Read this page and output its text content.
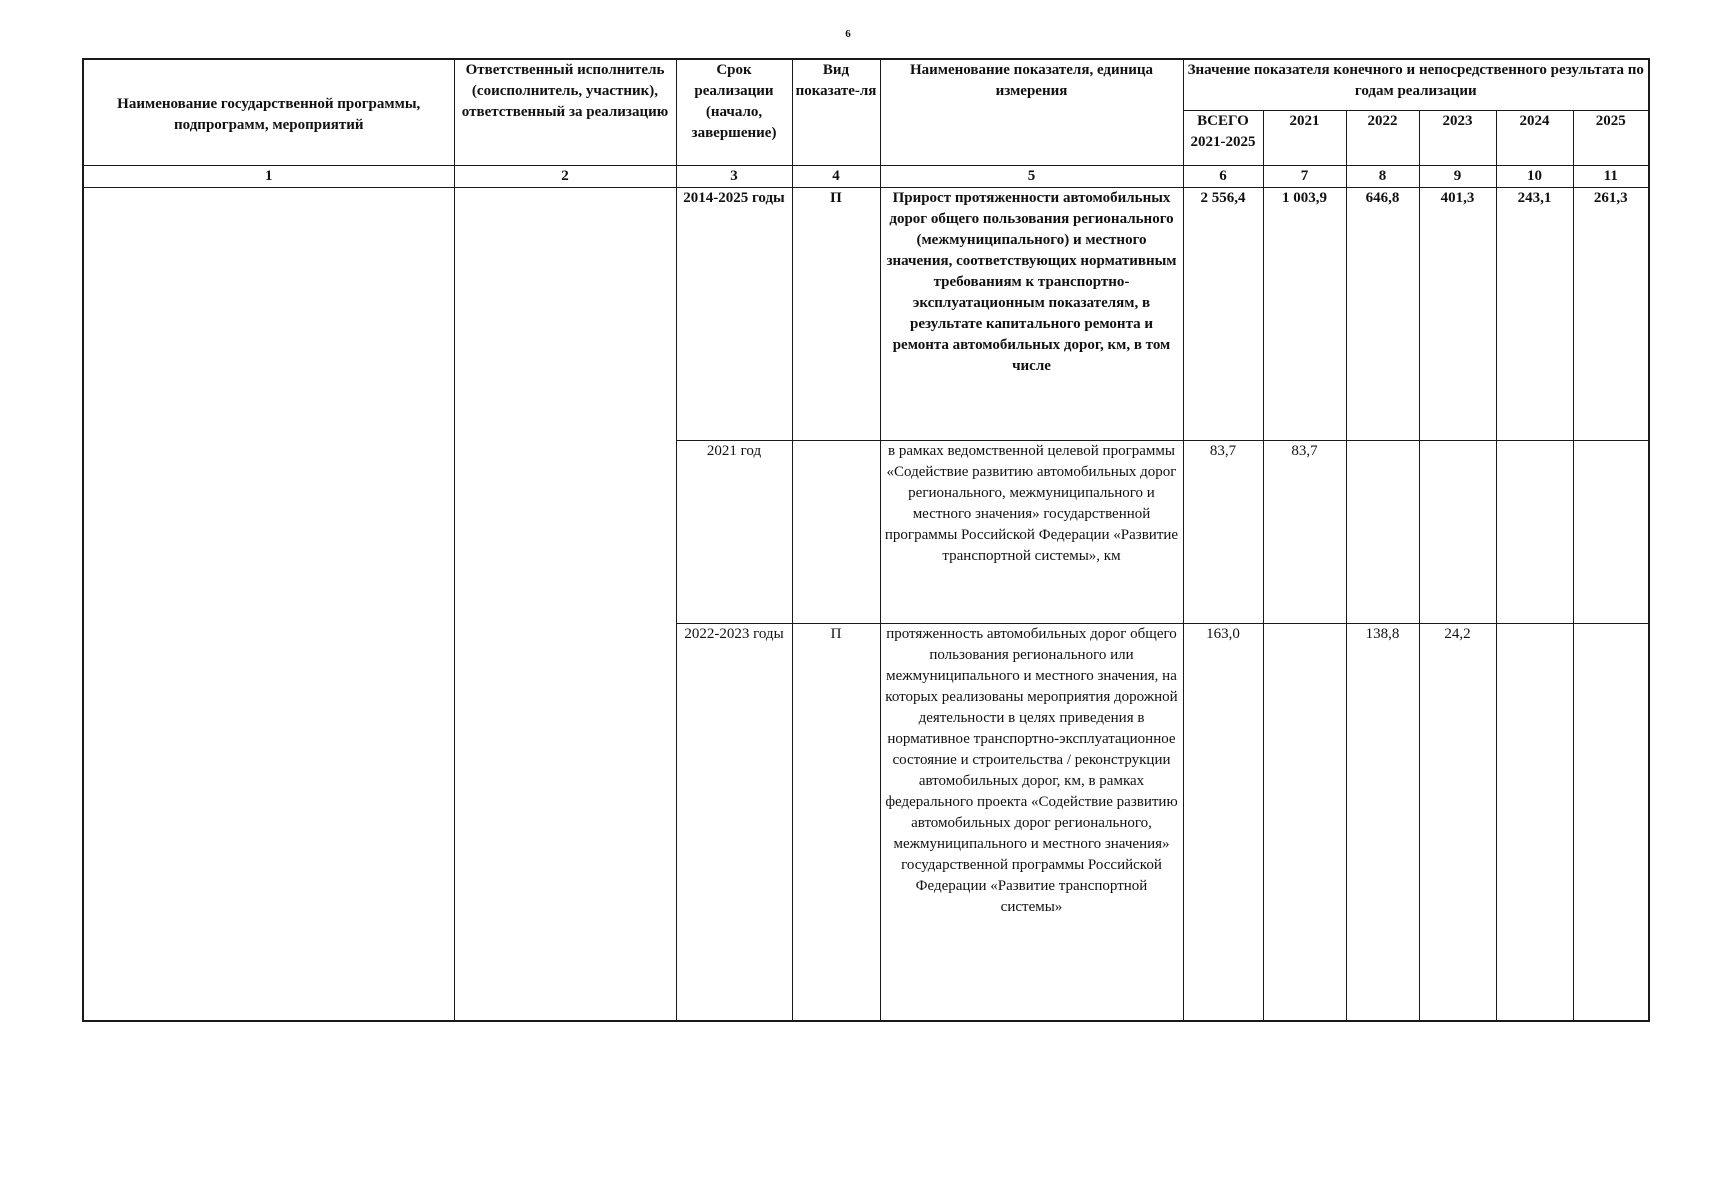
6
Наименование государственной программы, подпрограмм, мероприятий	Ответственный исполнитель (соисполнитель, участник), ответственный за реализацию	Срок реализации (начало, завершение)	Вид показате-ля	Наименование показателя, единица измерения	Значение показателя конечного и непосредственного результата по годам реализации					
					ВСЕГО 2021-2025	2021	2022	2023	2024	2025
1	2	3	4	5	6	7	8	9	10	11
		2014-2025 годы	П	Прирост протяженности автомобильных дорог общего пользования регионального (межмуниципального) и местного значения, соответствующих нормативным требованиям к транспортно-эксплуатационным показателям, в результате капитального ремонта и ремонта автомобильных дорог, км, в том числе	2 556,4	1 003,9	646,8	401,3	243,1	261,3
		2021 год		в рамках ведомственной целевой программы «Содействие развитию автомобильных дорог регионального, межмуниципального и местного значения» государственной программы Российской Федерации «Развитие транспортной системы», км	83,7	83,7				
		2022-2023 годы	П	протяженность автомобильных дорог общего пользования регионального или межмуниципального и местного значения, на которых реализованы мероприятия дорожной деятельности в целях приведения в нормативное транспортно-эксплуатационное состояние и строительства / реконструкции автомобильных дорог, км, в рамках федерального проекта «Содействие развитию автомобильных дорог регионального, межмуниципального и местного значения» государственной программы Российской Федерации «Развитие транспортной системы»	163,0		138,8	24,2		
